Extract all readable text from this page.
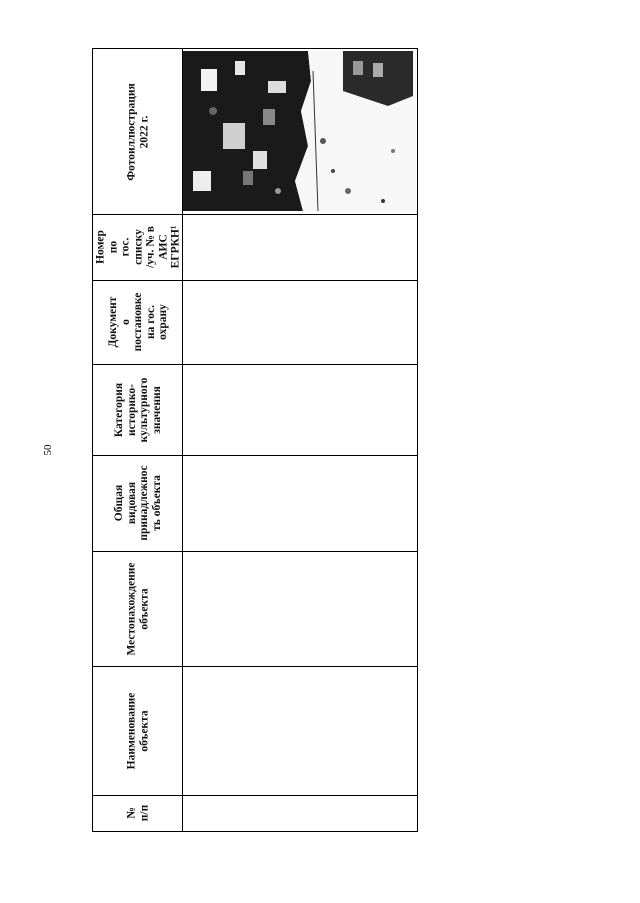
50
Фотоиллюстрация
2022 г.
Номер по
гос.
списку
/уч. № в
АИС
ЕГРКН¹
Документ о
постановке
на гос.
охрану
Категория
историко-
культурного
значения
Общая
видовая
принадлежнос
ть объекта
Местонахождение
объекта
Наименование
объекта
№
п/п
